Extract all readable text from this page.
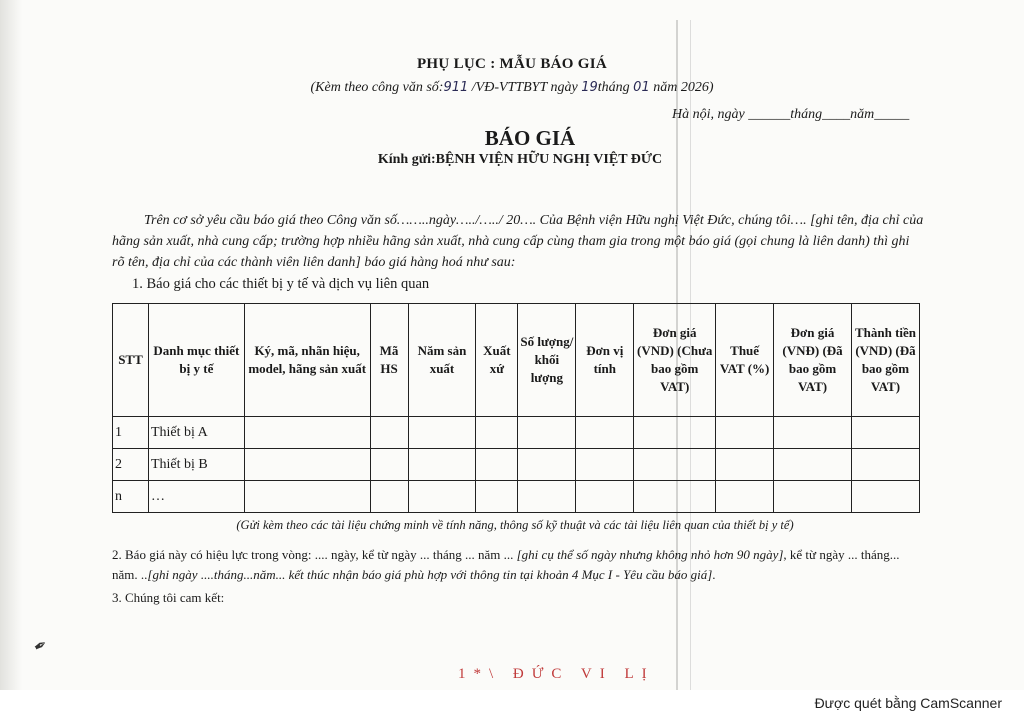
PHỤ LỤC : MẪU BÁO GIÁ
(Kèm theo công văn số:911 /VĐ-VTTBYT ngày 19tháng 01 năm 2026)
Hà nội, ngày ______tháng____năm_____
BÁO GIÁ
Kính gửi:BỆNH VIỆN HỮU NGHỊ VIỆT ĐỨC
Trên cơ sở yêu cầu báo giá theo Công văn số……..ngày…../…../ 20…. Của Bệnh viện Hữu nghị Việt Đức, chúng tôi…. [ghi tên, địa chỉ của hãng sản xuất, nhà cung cấp; trường hợp nhiều hãng sản xuất, nhà cung cấp cùng tham gia trong một báo giá (gọi chung là liên danh) thì ghi rõ tên, địa chỉ của các thành viên liên danh] báo giá hàng hoá như sau:
1. Báo giá cho các thiết bị y tế và dịch vụ liên quan
STT	Danh mục thiết bị y tế	Ký, mã, nhãn hiệu, model, hãng sản xuất	Mã HS	Năm sản xuất	Xuất xứ	Số lượng/ khối lượng	Đơn vị tính	Đơn giá (VND) (Chưa bao gồm VAT)	Thuế VAT (%)	Đơn giá (VNĐ) (Đã bao gồm VAT)	Thành tiền (VND) (Đã bao gồm VAT)
1	Thiết bị A										
2	Thiết bị B										
n	…										
(Gửi kèm theo các tài liệu chứng minh về tính năng, thông số kỹ thuật và các tài liệu liên quan của thiết bị y tế)
2. Báo giá này có hiệu lực trong vòng: .... ngày, kể từ ngày ... tháng ... năm ... [ghi cụ thể số ngày nhưng không nhỏ hơn 90 ngày], kể từ ngày ... tháng... năm. ..[ghi ngày ....tháng...năm... kết thúc nhận báo giá phù hợp với thông tin tại khoản 4 Mục I - Yêu cầu báo giá].
3. Chúng tôi cam kết:
✒
1*\ ĐỨC VI LỊ
Được quét bằng CamScanner
